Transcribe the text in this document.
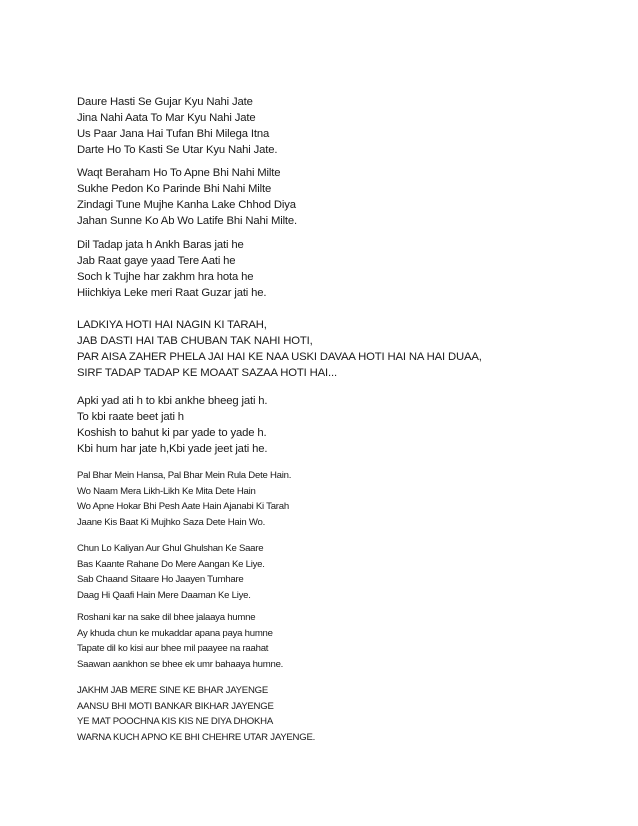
Daure Hasti Se Gujar Kyu Nahi Jate
Jina Nahi Aata To Mar Kyu Nahi Jate
Us Paar Jana Hai Tufan Bhi Milega Itna
Darte Ho To Kasti Se Utar Kyu Nahi Jate.
Waqt Beraham Ho To Apne Bhi Nahi Milte
Sukhe Pedon Ko Parinde Bhi Nahi Milte
Zindagi Tune Mujhe Kanha Lake Chhod Diya
Jahan Sunne Ko Ab Wo Latife Bhi Nahi Milte.
Dil Tadap jata h Ankh Baras jati he
Jab Raat gaye yaad Tere Aati he
Soch k Tujhe har zakhm hra hota he
Hiichkiya Leke meri Raat Guzar jati he.
LADKIYA HOTI HAI NAGIN KI TARAH,
JAB DASTI HAI TAB CHUBAN TAK NAHI HOTI,
PAR AISA ZAHER PHELA JAI HAI KE NAA USKI DAVAA HOTI HAI NA HAI DUAA,
SIRF TADAP TADAP KE MOAAT SAZAA HOTI HAI...
Apki yad ati h to kbi ankhe bheeg jati h.
To kbi raate beet jati h
Koshish to bahut ki par yade to yade h.
Kbi hum har jate h,Kbi yade jeet jati he.
Pal Bhar Mein Hansa, Pal Bhar Mein Rula Dete Hain.
Wo Naam Mera Likh-Likh Ke Mita Dete Hain
Wo Apne Hokar Bhi Pesh Aate Hain Ajanabi Ki Tarah
Jaane Kis Baat Ki Mujhko Saza Dete Hain Wo.
Chun Lo Kaliyan Aur Ghul Ghulshan Ke Saare
Bas Kaante Rahane Do Mere Aangan Ke Liye.
Sab Chaand Sitaare Ho Jaayen Tumhare
Daag Hi Qaafi Hain Mere Daaman Ke Liye.
Roshani kar na sake dil bhee jalaaya humne
Ay khuda chun ke mukaddar apana paya humne
Tapate dil ko kisi aur bhee mil paayee na raahat
Saawan aankhon se bhee ek umr bahaaya humne.
JAKHM JAB MERE SINE KE BHAR JAYENGE
AANSU BHI MOTI BANKAR BIKHAR JAYENGE
YE MAT POOCHNA KIS KIS NE DIYA DHOKHA
WARNA KUCH APNO KE BHI CHEHRE UTAR JAYENGE.
